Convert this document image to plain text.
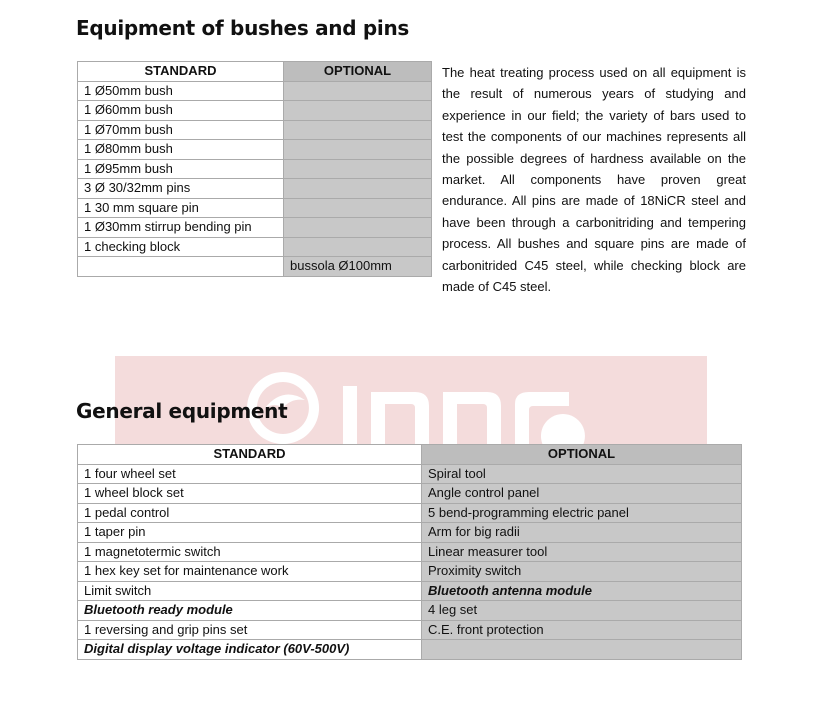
Equipment of bushes and pins
STANDARD	OPTIONAL
1 Ø50mm bush	
1 Ø60mm bush	
1 Ø70mm bush	
1 Ø80mm bush	
1 Ø95mm bush	
3 Ø 30/32mm pins	
1 30 mm square pin	
1 Ø30mm stirrup bending pin	
1 checking block	
	bussola Ø100mm

The heat treating process used on all equipment is the result of numerous years of studying and experience in our field; the variety of bars used to test the components of our machines represents all the possible degrees of hardness available on the market. All components have proven great endurance. All pins are made of 18NiCR steel and have been through a carbonitriding and tempering process. All bushes and square pins are made of carbonitrided C45 steel, while checking block are made of C45 steel.

General equipment
STANDARD	OPTIONAL
1 four wheel set	Spiral tool
1 wheel block set	Angle control panel
1 pedal control	5 bend-programming electric panel
1 taper pin	Arm for big radii
1 magnetotermic switch	Linear measurer tool
1 hex key set for maintenance work	Proximity switch
Limit switch	Bluetooth antenna module
Bluetooth ready module	4 leg set
1 reversing and grip pins set	C.E. front protection
Digital display voltage indicator (60V-500V)	
